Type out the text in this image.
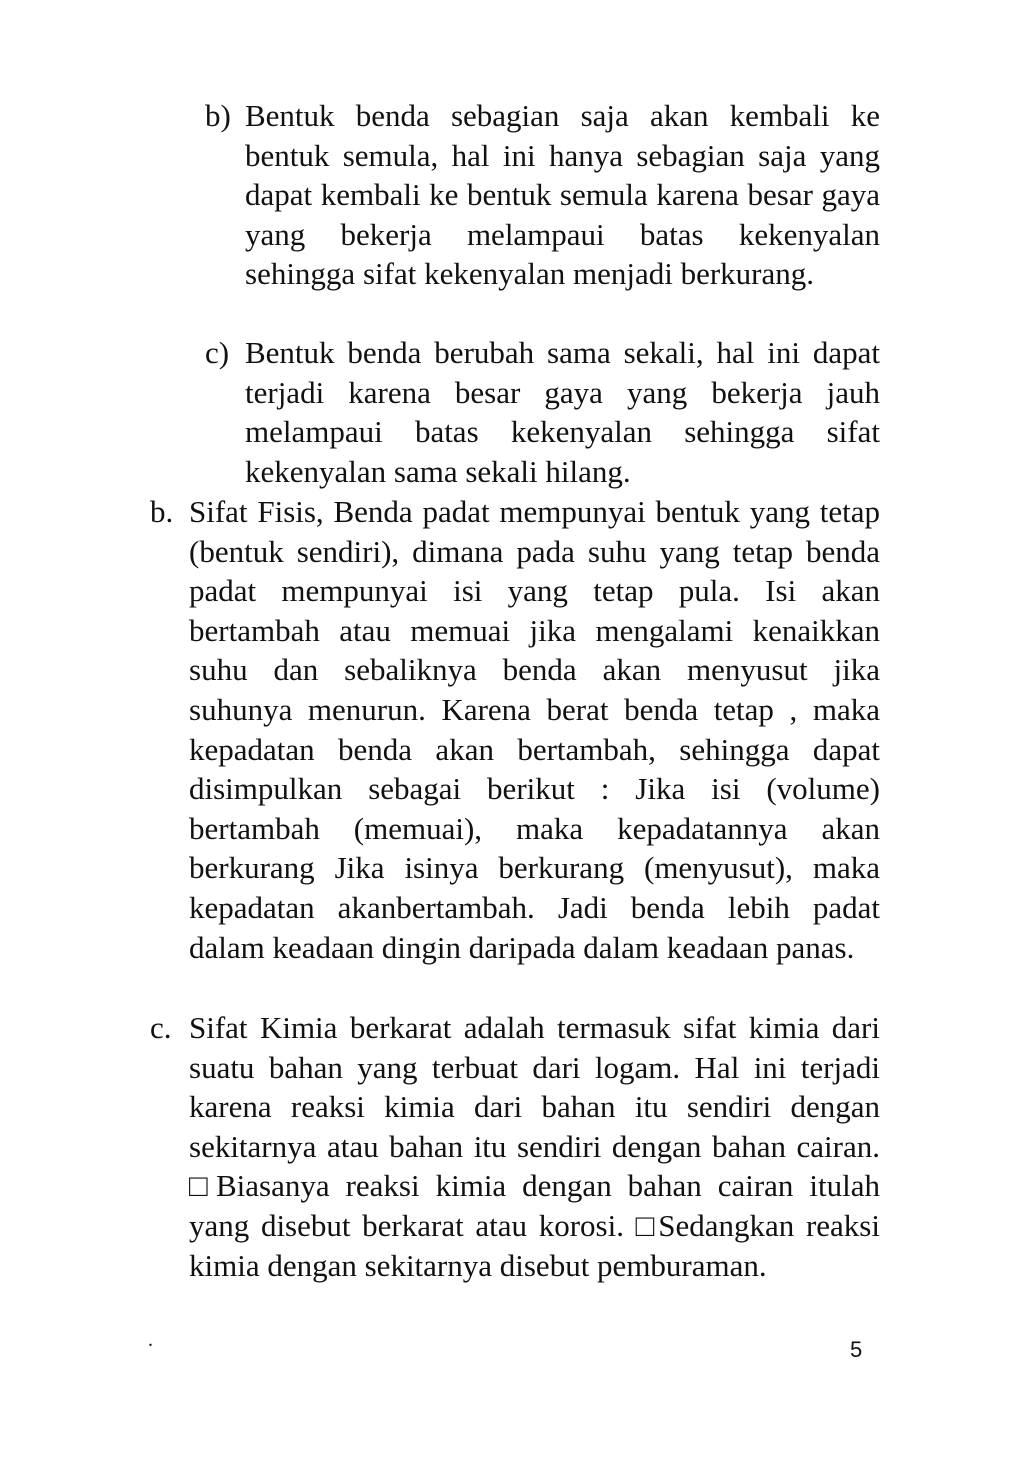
b) Bentuk benda sebagian saja akan kembali ke bentuk semula, hal ini hanya sebagian saja yang dapat kembali ke bentuk semula karena besar gaya yang bekerja melampaui batas kekenyalan sehingga sifat kekenyalan menjadi berkurang.
c) Bentuk benda berubah sama sekali, hal ini dapat terjadi karena besar gaya yang bekerja jauh melampaui batas kekenyalan sehingga sifat kekenyalan sama sekali hilang.
b. Sifat Fisis, Benda padat mempunyai bentuk yang tetap (bentuk sendiri), dimana pada suhu yang tetap benda padat mempunyai isi yang tetap pula. Isi akan bertambah atau memuai jika mengalami kenaikkan suhu dan sebaliknya benda akan menyusut jika suhunya menurun. Karena berat benda tetap , maka kepadatan benda akan bertambah, sehingga dapat disimpulkan sebagai berikut : Jika isi (volume) bertambah (memuai), maka kepadatannya akan berkurang Jika isinya berkurang (menyusut), maka kepadatan akanbertambah. Jadi benda lebih padat dalam keadaan dingin daripada dalam keadaan panas.
c. Sifat Kimia berkarat adalah termasuk sifat kimia dari suatu bahan yang terbuat dari logam. Hal ini terjadi karena reaksi kimia dari bahan itu sendiri dengan sekitarnya atau bahan itu sendiri dengan bahan cairan. □Biasanya reaksi kimia dengan bahan cairan itulah yang disebut berkarat atau korosi. □Sedangkan reaksi kimia dengan sekitarnya disebut pemburaman.
.	5
